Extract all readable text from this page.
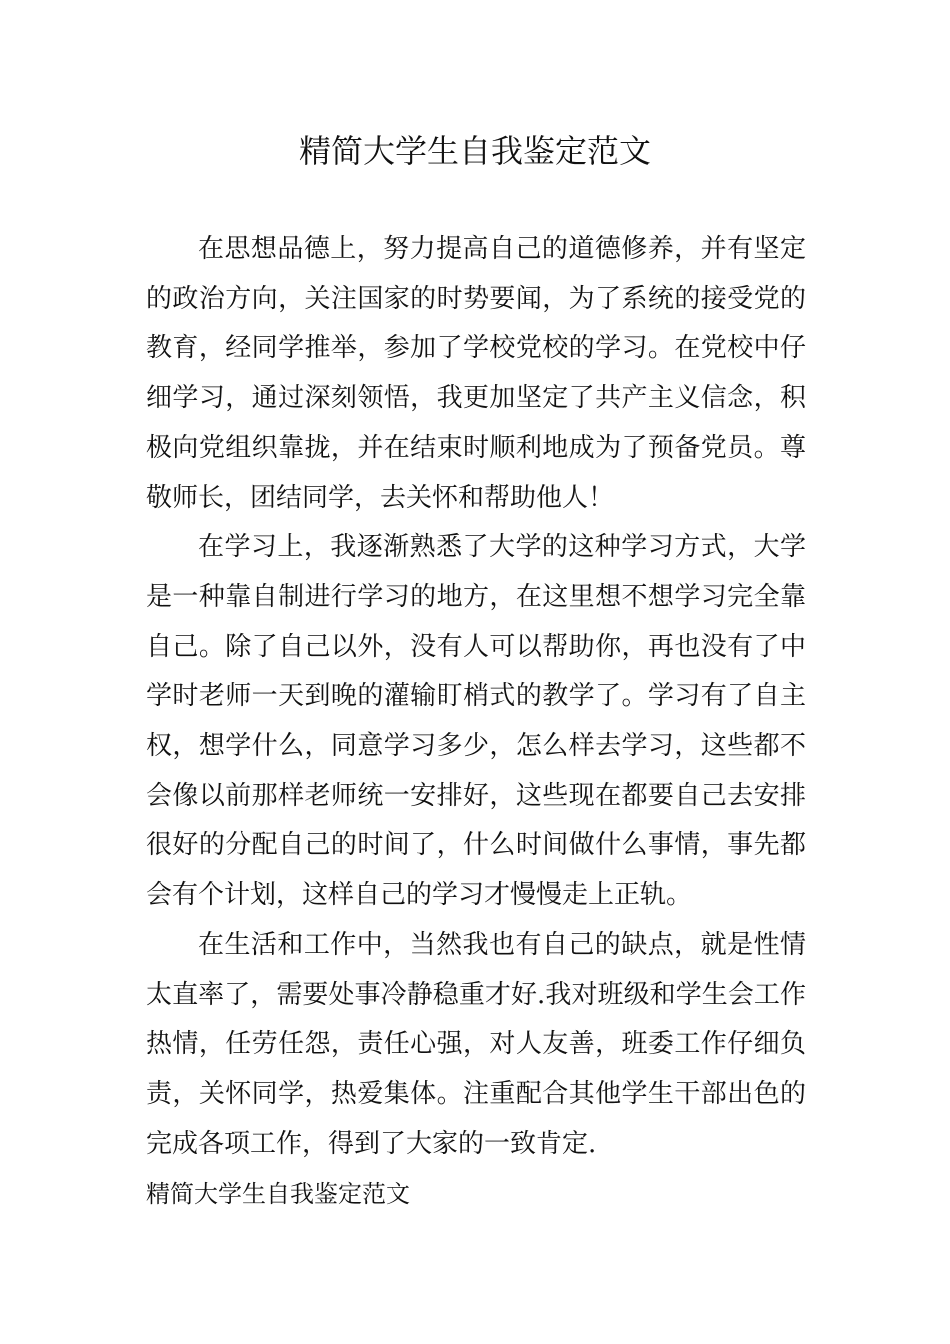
精简大学生自我鉴定范文

在思想品德上，努力提高自己的道德修养，并有坚定的政治方向，关注国家的时势要闻，为了系统的接受党的教育，经同学推举，参加了学校党校的学习。在党校中仔细学习，通过深刻领悟，我更加坚定了共产主义信念，积极向党组织靠拢，并在结束时顺利地成为了预备党员。尊敬师长，团结同学，去关怀和帮助他人！

在学习上，我逐渐熟悉了大学的这种学习方式，大学是一种靠自制进行学习的地方，在这里想不想学习完全靠自己。除了自己以外，没有人可以帮助你，再也没有了中学时老师一天到晚的灌输盯梢式的教学了。学习有了自主权，想学什么，同意学习多少，怎么样去学习，这些都不会像以前那样老师统一安排好，这些现在都要自己去安排很好的分配自己的时间了，什么时间做什么事情，事先都会有个计划，这样自己的学习才慢慢走上正轨。

在生活和工作中，当然我也有自己的缺点，就是性情太直率了，需要处事冷静稳重才好.我对班级和学生会工作热情，任劳任怨，责任心强，对人友善，班委工作仔细负责，关怀同学，热爱集体。注重配合其他学生干部出色的完成各项工作，得到了大家的一致肯定.

精简大学生自我鉴定范文
